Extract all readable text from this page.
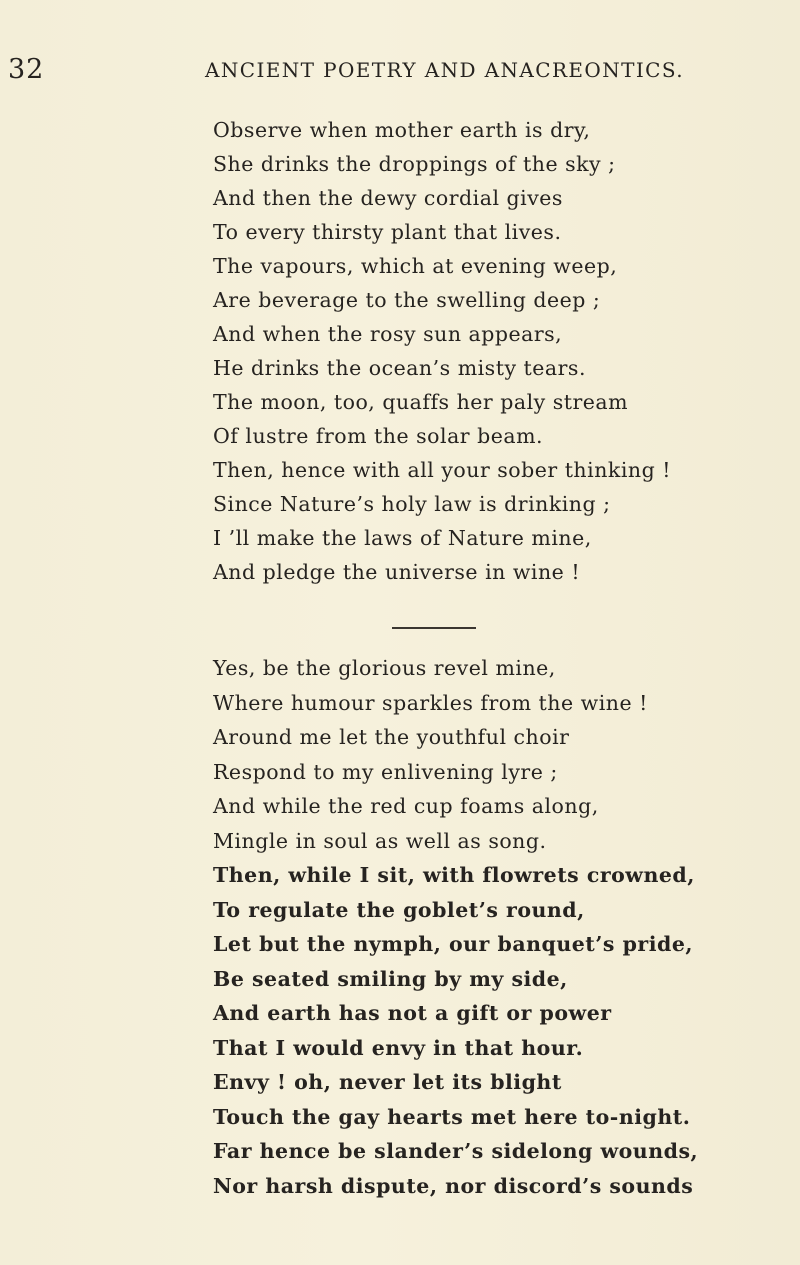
32	ANCIENT POETRY AND ANACREONTICS.
Observe when mother earth is dry,
She drinks the droppings of the sky ;
And then the dewy cordial gives
To every thirsty plant that lives.
The vapours, which at evening weep,
Are beverage to the swelling deep ;
And when the rosy sun appears,
He drinks the ocean’s misty tears.
The moon, too, quaffs her paly stream
Of lustre from the solar beam.
Then, hence with all your sober thinking !
Since Nature’s holy law is drinking ;
I ’ll make the laws of Nature mine,
And pledge the universe in wine !
Yes, be the glorious revel mine,
Where humour sparkles from the wine !
Around me let the youthful choir
Respond to my enlivening lyre ;
And while the red cup foams along,
Mingle in soul as well as song.
Then, while I sit, with flowrets crowned,
To regulate the goblet’s round,
Let but the nymph, our banquet’s pride,
Be seated smiling by my side,
And earth has not a gift or power
That I would envy in that hour.
Envy ! oh, never let its blight
Touch the gay hearts met here to-night.
Far hence be slander’s sidelong wounds,
Nor harsh dispute, nor discord’s sounds
